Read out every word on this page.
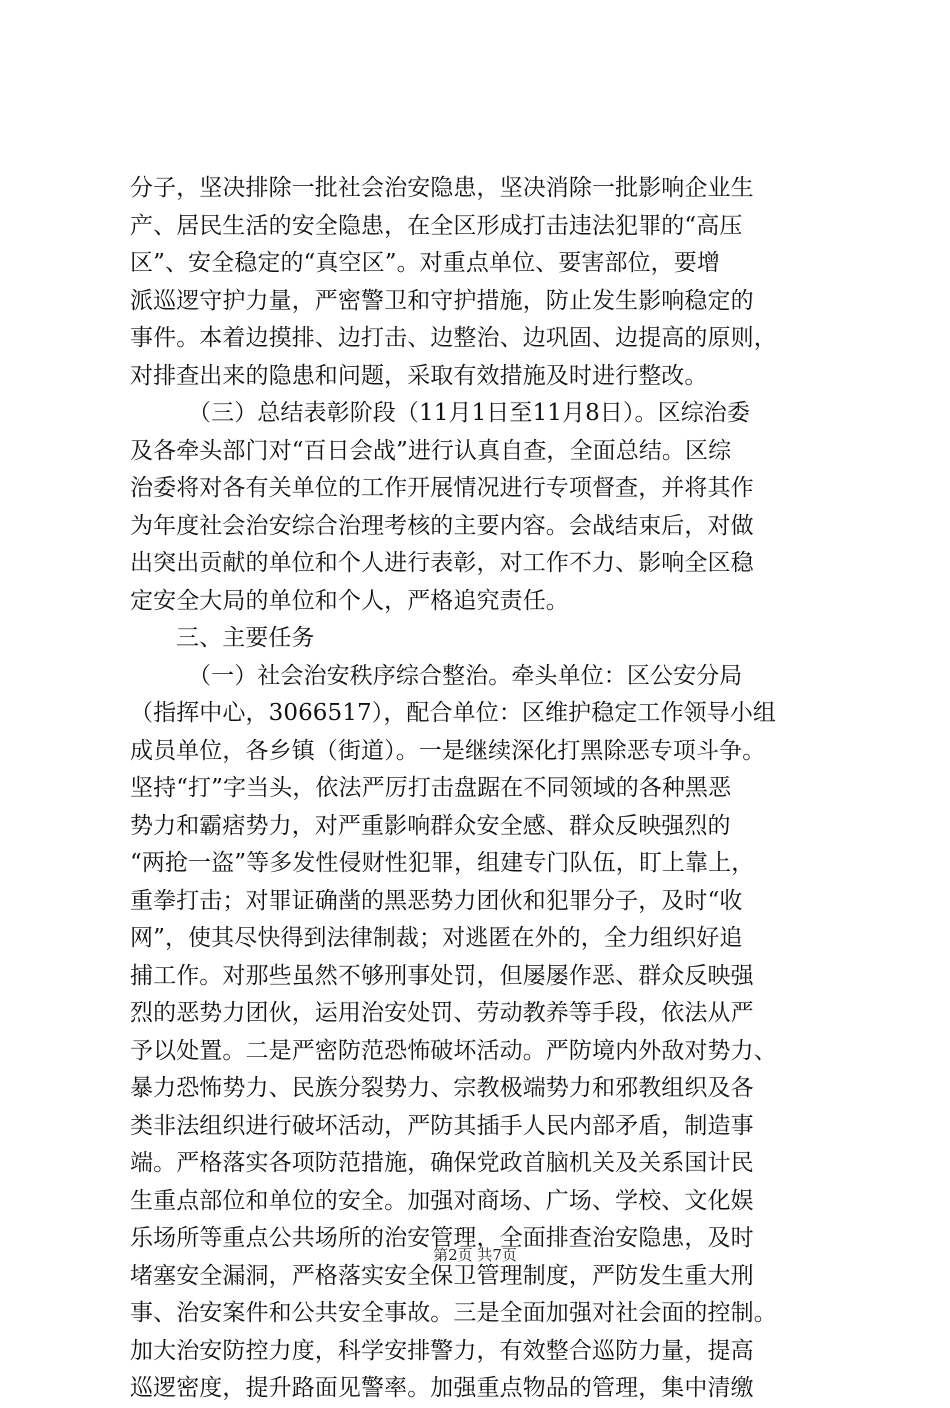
分子，坚决排除一批社会治安隐患，坚决消除一批影响企业生
产、居民生活的安全隐患，在全区形成打击违法犯罪的“高压
区”、安全稳定的“真空区”。对重点单位、要害部位，要增
派巡逻守护力量，严密警卫和守护措施，防止发生影响稳定的
事件。本着边摸排、边打击、边整治、边巩固、边提高的原则，
对排查出来的隐患和问题，采取有效措施及时进行整改。
（三）总结表彰阶段（11月1日至11月8日）。区综治委
及各牵头部门对“百日会战”进行认真自查，全面总结。区综
治委将对各有关单位的工作开展情况进行专项督查，并将其作
为年度社会治安综合治理考核的主要内容。会战结束后，对做
出突出贡献的单位和个人进行表彰，对工作不力、影响全区稳
定安全大局的单位和个人，严格追究责任。
三、主要任务
（一）社会治安秩序综合整治。牵头单位：区公安分局
（指挥中心，3066517），配合单位：区维护稳定工作领导小组
成员单位，各乡镇（街道）。一是继续深化打黑除恶专项斗争。
坚持“打”字当头，依法严厉打击盘踞在不同领域的各种黑恶
势力和霸痞势力，对严重影响群众安全感、群众反映强烈的
“两抢一盗”等多发性侵财性犯罪，组建专门队伍，盯上靠上，
重拳打击；对罪证确凿的黑恶势力团伙和犯罪分子，及时“收
网”，使其尽快得到法律制裁；对逃匿在外的，全力组织好追
捕工作。对那些虽然不够刑事处罚，但屡屡作恶、群众反映强
烈的恶势力团伙，运用治安处罚、劳动教养等手段，依法从严
予以处置。二是严密防范恐怖破坏活动。严防境内外敌对势力、
暴力恐怖势力、民族分裂势力、宗教极端势力和邪教组织及各
类非法组织进行破坏活动，严防其插手人民内部矛盾，制造事
端。严格落实各项防范措施，确保党政首脑机关及关系国计民
生重点部位和单位的安全。加强对商场、广场、学校、文化娱
乐场所等重点公共场所的治安管理，全面排查治安隐患，及时
堵塞安全漏洞，严格落实安全保卫管理制度，严防发生重大刑
事、治安案件和公共安全事故。三是全面加强对社会面的控制。
加大治安防控力度，科学安排警力，有效整合巡防力量，提高
巡逻密度，提升路面见警率。加强重点物品的管理，集中清缴
第2页 共7页
